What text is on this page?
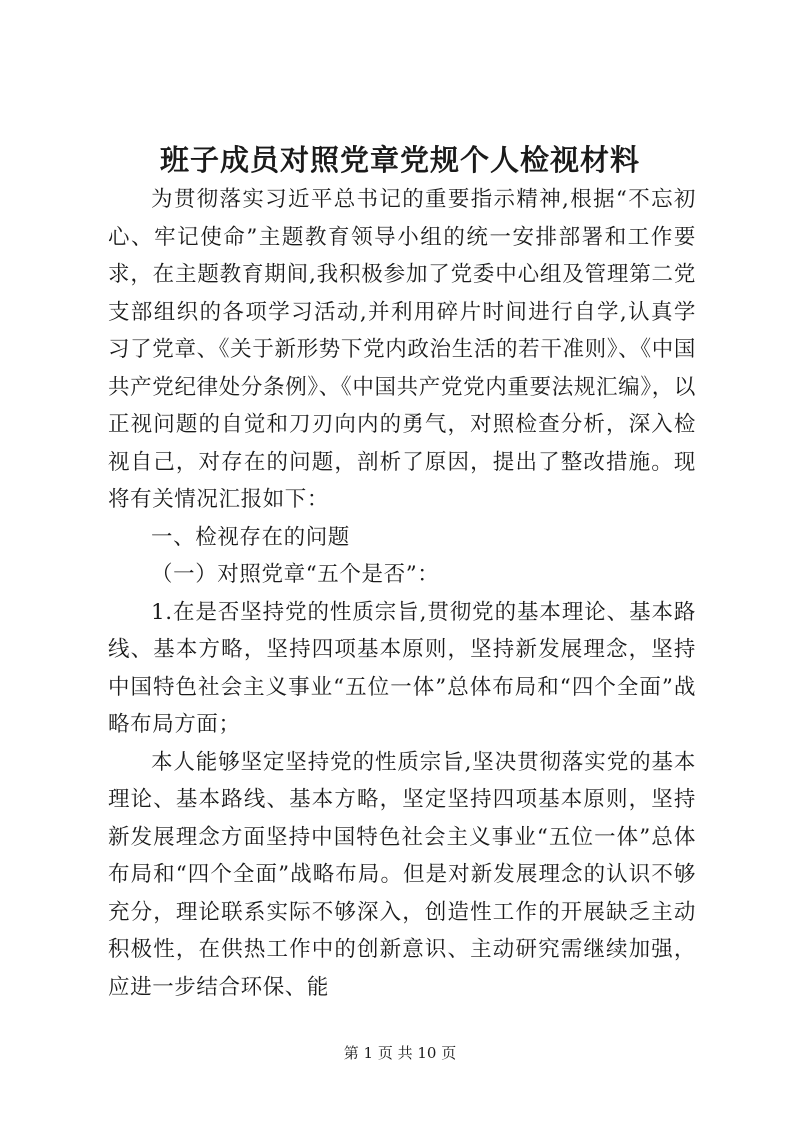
班子成员对照党章党规个人检视材料

为贯彻落实习近平总书记的重要指示精神,根据“不忘初心、牢记使命”主题教育领导小组的统一安排部署和工作要求，在主题教育期间,我积极参加了党委中心组及管理第二党支部组织的各项学习活动,并利用碎片时间进行自学,认真学习了党章、《关于新形势下党内政治生活的若干准则》、《中国共产党纪律处分条例》、《中国共产党党内重要法规汇编》，以正视问题的自觉和刀刃向内的勇气，对照检查分析，深入检视自己，对存在的问题，剖析了原因，提出了整改措施。现将有关情况汇报如下：

一、检视存在的问题

（一）对照党章“五个是否”：

1.在是否坚持党的性质宗旨,贯彻党的基本理论、基本路线、基本方略，坚持四项基本原则，坚持新发展理念，坚持中国特色社会主义事业“五位一体”总体布局和“四个全面”战略布局方面；

本人能够坚定坚持党的性质宗旨,坚决贯彻落实党的基本理论、基本路线、基本方略，坚定坚持四项基本原则，坚持新发展理念方面坚持中国特色社会主义事业“五位一体”总体布局和“四个全面”战略布局。但是对新发展理念的认识不够充分，理论联系实际不够深入，创造性工作的开展缺乏主动积极性，在供热工作中的创新意识、主动研究需继续加强，应进一步结合环保、能

第 1 页 共 10 页
